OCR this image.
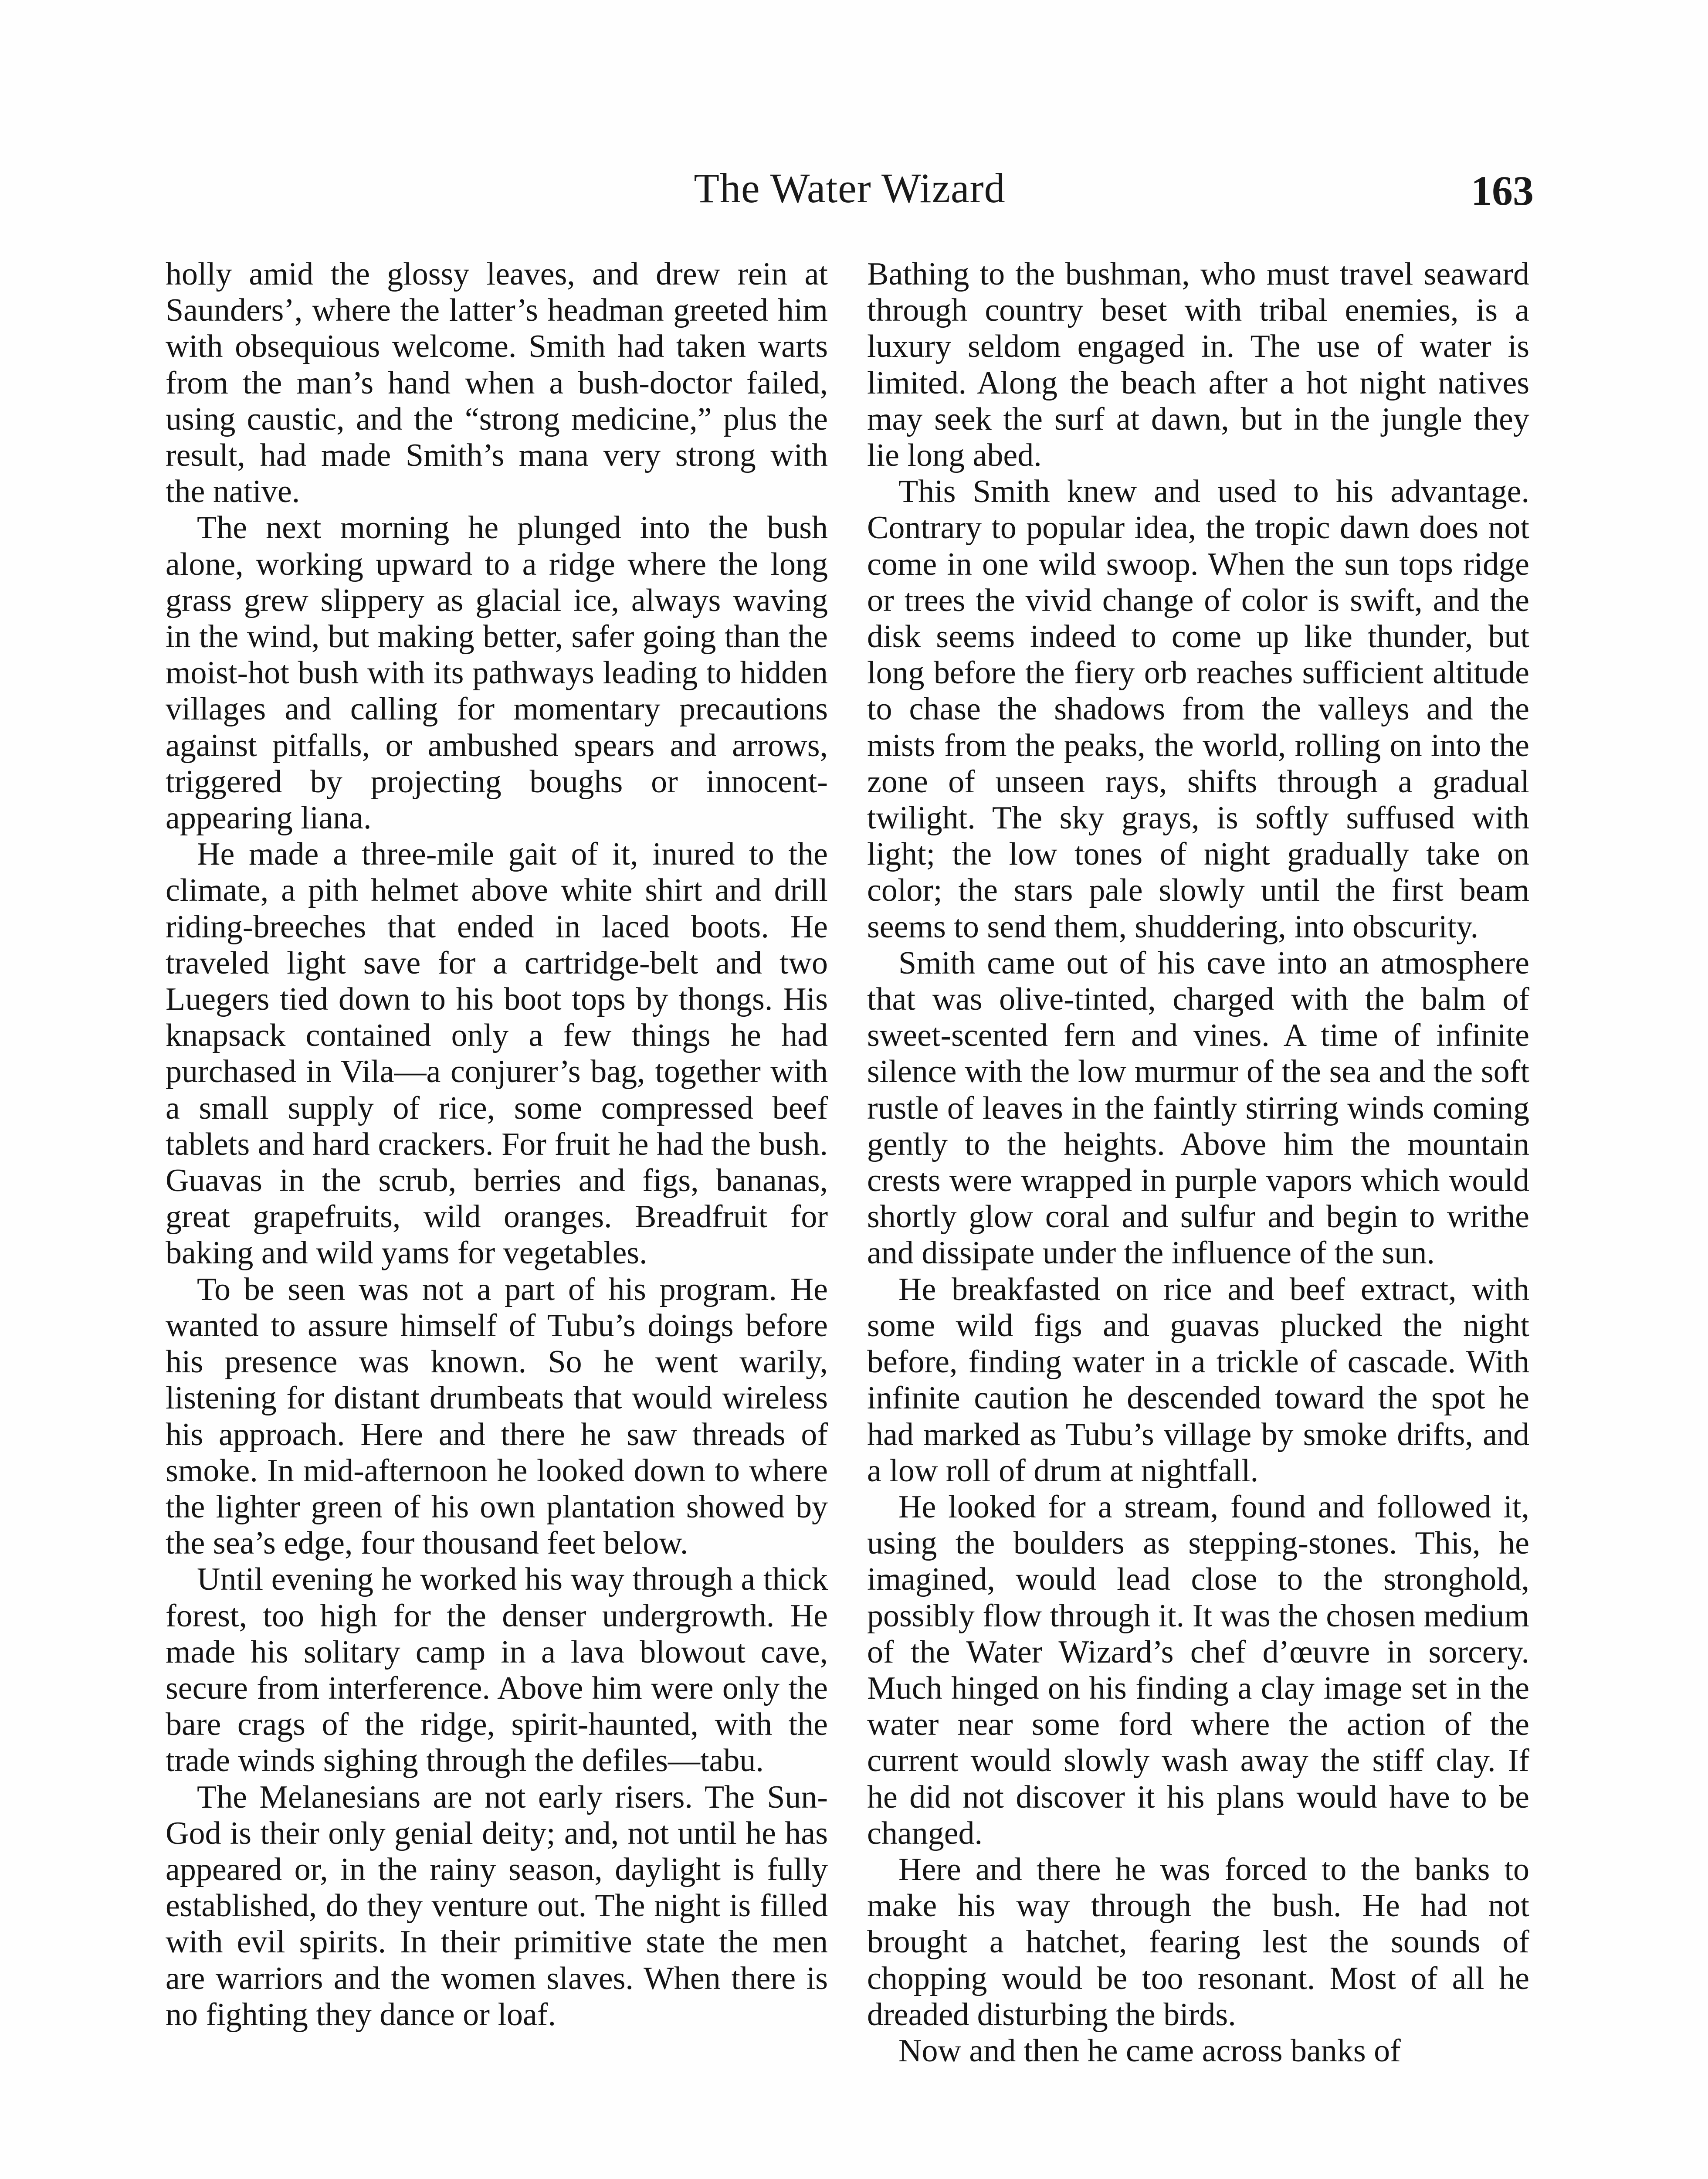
The Water Wizard	163

holly amid the glossy leaves, and drew rein at Saunders’, where the latter’s headman greeted him with obsequious welcome. Smith had taken warts from the man’s hand when a bush-doctor failed, using caustic, and the “strong medicine,” plus the result, had made Smith’s mana very strong with the native.

The next morning he plunged into the bush alone, working upward to a ridge where the long grass grew slippery as glacial ice, always waving in the wind, but making better, safer going than the moist-hot bush with its pathways leading to hidden villages and calling for momentary precautions against pitfalls, or ambushed spears and arrows, triggered by projecting boughs or innocent-appearing liana.

He made a three-mile gait of it, inured to the climate, a pith helmet above white shirt and drill riding-breeches that ended in laced boots. He traveled light save for a cartridge-belt and two Luegers tied down to his boot tops by thongs. His knapsack contained only a few things he had purchased in Vila—a conjurer’s bag, together with a small supply of rice, some compressed beef tablets and hard crackers. For fruit he had the bush. Guavas in the scrub, berries and figs, bananas, great grapefruits, wild oranges. Breadfruit for baking and wild yams for vegetables.

To be seen was not a part of his program. He wanted to assure himself of Tubu’s doings before his presence was known. So he went warily, listening for distant drumbeats that would wireless his approach. Here and there he saw threads of smoke. In mid-afternoon he looked down to where the lighter green of his own plantation showed by the sea’s edge, four thousand feet below.

Until evening he worked his way through a thick forest, too high for the denser undergrowth. He made his solitary camp in a lava blowout cave, secure from interference. Above him were only the bare crags of the ridge, spirit-haunted, with the trade winds sighing through the defiles—tabu.

The Melanesians are not early risers. The Sun-God is their only genial deity; and, not until he has appeared or, in the rainy season, daylight is fully established, do they venture out. The night is filled with evil spirits. In their primitive state the men are warriors and the women slaves. When there is no fighting they dance or loaf.

Bathing to the bushman, who must travel seaward through country beset with tribal enemies, is a luxury seldom engaged in. The use of water is limited. Along the beach after a hot night natives may seek the surf at dawn, but in the jungle they lie long abed.

This Smith knew and used to his advantage. Contrary to popular idea, the tropic dawn does not come in one wild swoop. When the sun tops ridge or trees the vivid change of color is swift, and the disk seems indeed to come up like thunder, but long before the fiery orb reaches sufficient altitude to chase the shadows from the valleys and the mists from the peaks, the world, rolling on into the zone of unseen rays, shifts through a gradual twilight. The sky grays, is softly suffused with light; the low tones of night gradually take on color; the stars pale slowly until the first beam seems to send them, shuddering, into obscurity.

Smith came out of his cave into an atmosphere that was olive-tinted, charged with the balm of sweet-scented fern and vines. A time of infinite silence with the low murmur of the sea and the soft rustle of leaves in the faintly stirring winds coming gently to the heights. Above him the mountain crests were wrapped in purple vapors which would shortly glow coral and sulfur and begin to writhe and dissipate under the influence of the sun.

He breakfasted on rice and beef extract, with some wild figs and guavas plucked the night before, finding water in a trickle of cascade. With infinite caution he descended toward the spot he had marked as Tubu’s village by smoke drifts, and a low roll of drum at nightfall.

He looked for a stream, found and followed it, using the boulders as stepping-stones. This, he imagined, would lead close to the stronghold, possibly flow through it. It was the chosen medium of the Water Wizard’s chef d’œuvre in sorcery. Much hinged on his finding a clay image set in the water near some ford where the action of the current would slowly wash away the stiff clay. If he did not discover it his plans would have to be changed.

Here and there he was forced to the banks to make his way through the bush. He had not brought a hatchet, fearing lest the sounds of chopping would be too resonant. Most of all he dreaded disturbing the birds.

Now and then he came across banks of
